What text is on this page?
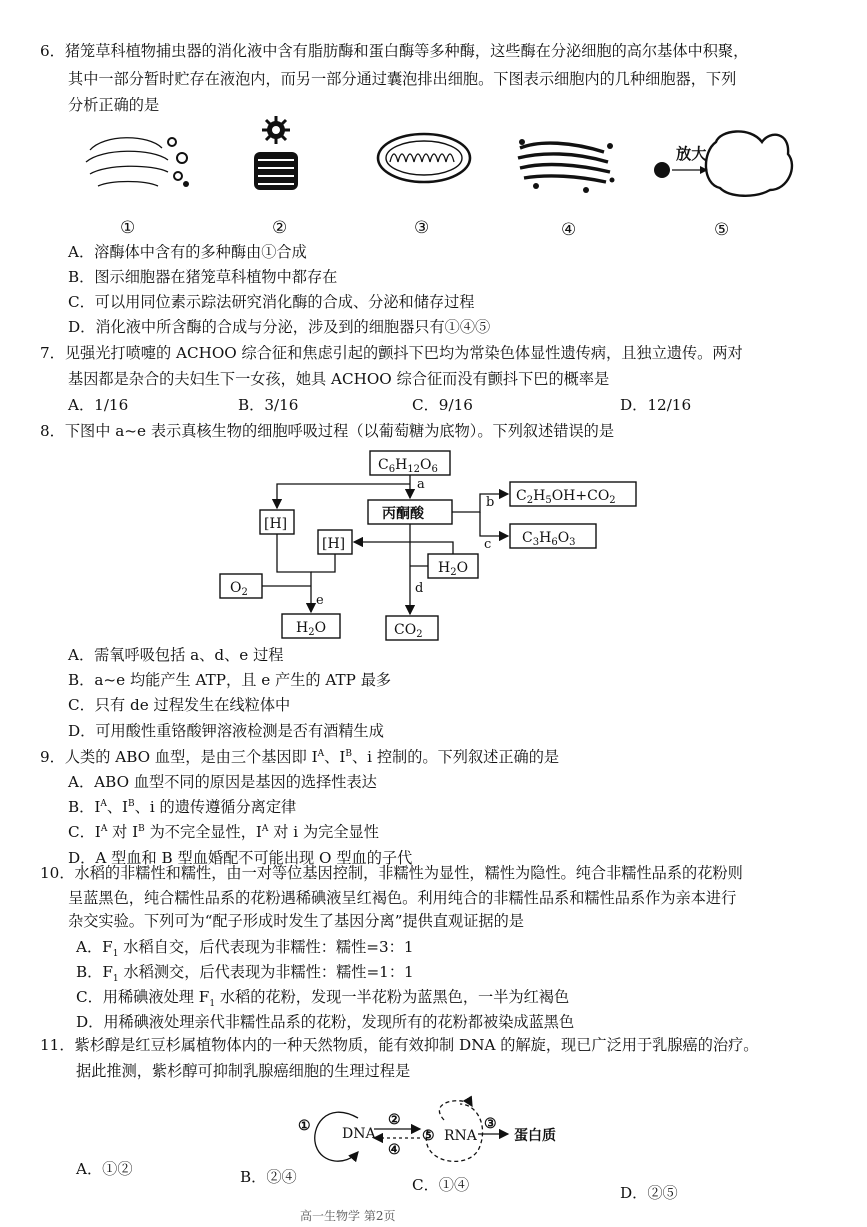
6．猪笼草科植物捕虫器的消化液中含有脂肪酶和蛋白酶等多种酶，这些酶在分泌细胞的高尔基体中积聚，
其中一部分暂时贮存在液泡内，而另一部分通过囊泡排出细胞。下图表示细胞内的几种细胞器，下列
分析正确的是
放大
①	②	③	④	⑤
A．溶酶体中含有的多种酶由①合成
B．图示细胞器在猪笼草科植物中都存在
C．可以用同位素示踪法研究消化酶的合成、分泌和储存过程
D．消化液中所含酶的合成与分泌，涉及到的细胞器只有①④⑤
7．见强光打喷嚏的 ACHOO 综合征和焦虑引起的颤抖下巴均为常染色体显性遗传病，且独立遗传。两对
基因都是杂合的夫妇生下一女孩，她具 ACHOO 综合征而没有颤抖下巴的概率是
A．1/16	B．3/16	C．9/16	D．12/16
8．下图中 a~e 表示真核生物的细胞呼吸过程（以葡萄糖为底物）。下列叙述错误的是
a
b
c
d
e
$C_6H_{12}O_6$
丙酮酸
$C_2H_5OH+CO_2$
$C_3H_6O_3$
[H]
[H]
$H_2O$
$O_2$
$H_2O$	$CO_2$
A．需氧呼吸包括 a、d、e 过程
B．a~e 均能产生 ATP，且 e 产生的 ATP 最多
C．只有 de 过程发生在线粒体中
D．可用酸性重铬酸钾溶液检测是否有酒精生成
9．人类的 ABO 血型，是由三个基因即 $I^A$、$I^B$、i 控制的。下列叙述正确的是
A．ABO 血型不同的原因是基因的选择性表达
B．$I^A$、$I^B$、i 的遗传遵循分离定律
C．$I^A$ 对 $I^B$ 为不完全显性，$I^A$ 对 i 为完全显性
D．A 型血和 B 型血婚配不可能出现 O 型血的子代
10．水稻的非糯性和糯性，由一对等位基因控制，非糯性为显性，糯性为隐性。纯合非糯性品系的花粉则
呈蓝黑色，纯合糯性品系的花粉遇稀碘液呈红褐色。利用纯合的非糯性品系和糯性品系作为亲本进行
杂交实验。下列可为“配子形成时发生了基因分离”提供直观证据的是
A．$F_1$ 水稻自交，后代表现为非糯性：糯性=3：1
B．$F_1$ 水稻测交，后代表现为非糯性：糯性=1：1
C．用稀碘液处理 $F_1$ 水稻的花粉，发现一半花粉为蓝黑色，一半为红褐色
D．用稀碘液处理亲代非糯性品系的花粉，发现所有的花粉都被染成蓝黑色
11．紫杉醇是红豆杉属植物体内的一种天然物质，能有效抑制 DNA 的解旋，现已广泛用于乳腺癌的治疗。
据此推测，紫杉醇可抑制乳腺癌细胞的生理过程是
① DNA
②
④
⑤ RNA
③
蛋白质
A．①②	B．②④	C．①④	D．②⑤
高一生物学 第2页
